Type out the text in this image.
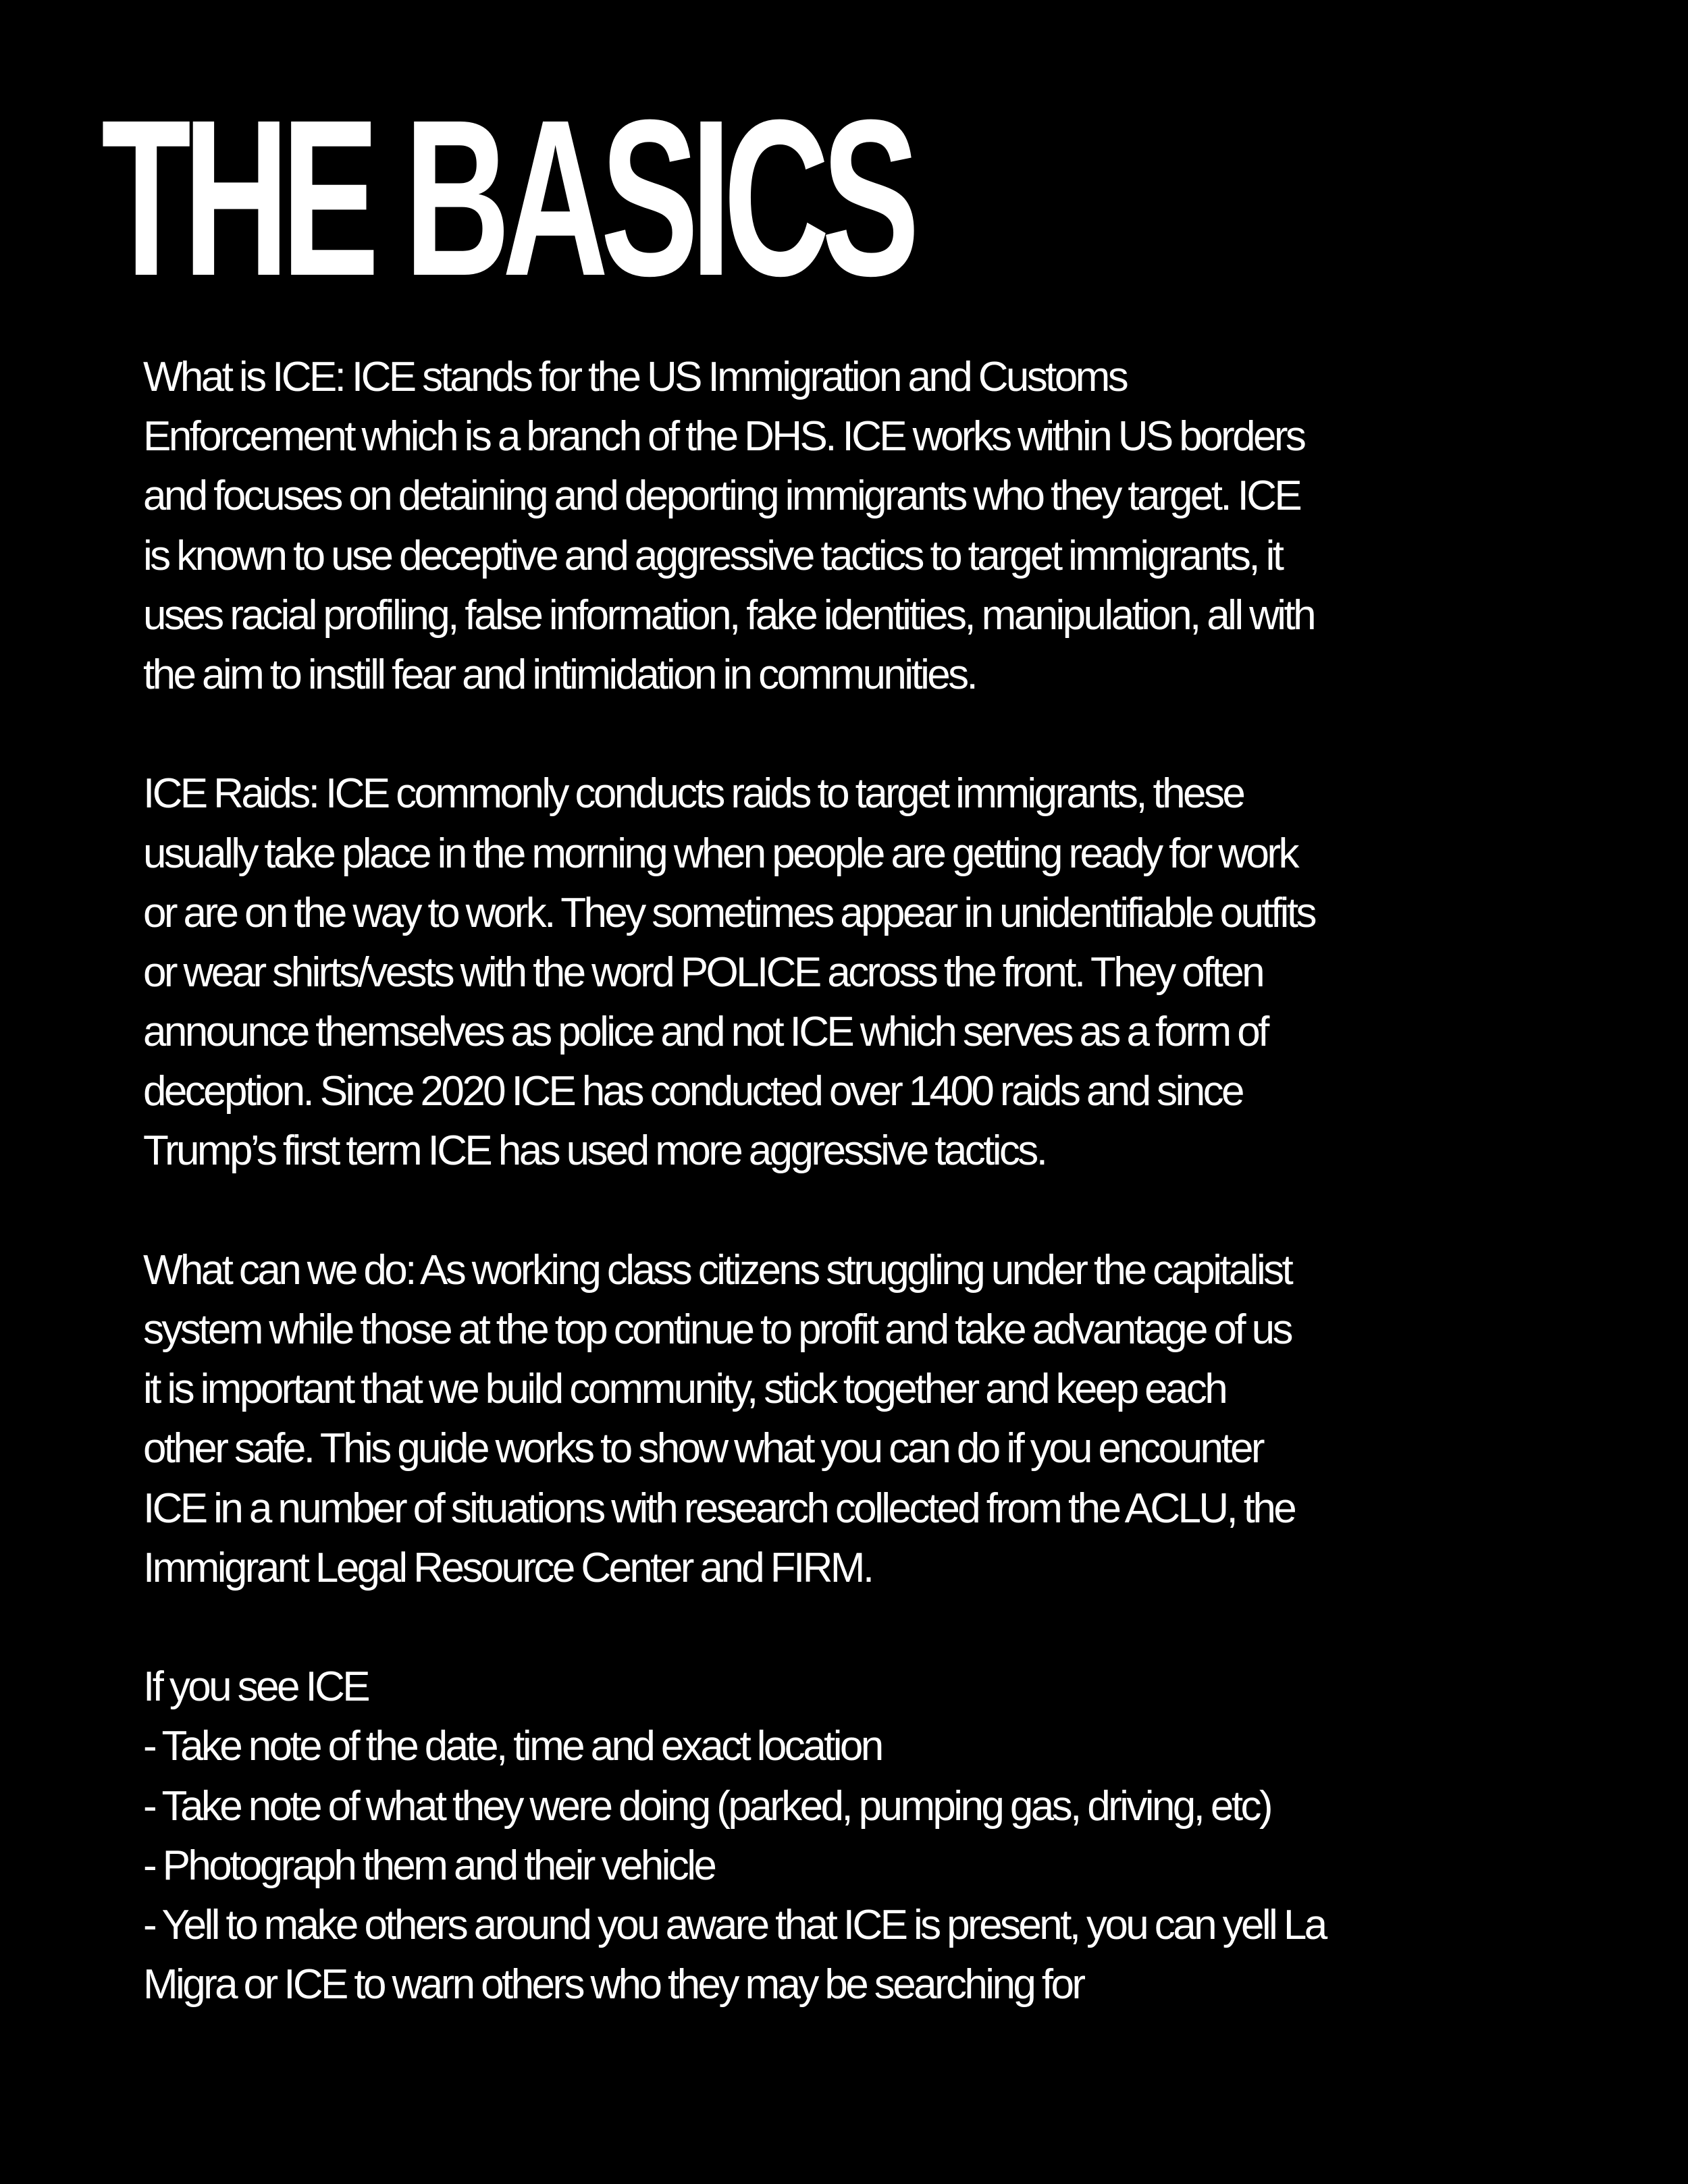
THE BASICS
What is ICE: ICE stands for the US Immigration and Customs
Enforcement which is a branch of the DHS. ICE works within US borders
and focuses on detaining and deporting immigrants who they target. ICE
is known to use deceptive and aggressive tactics to target immigrants, it
uses racial profiling, false information, fake identities, manipulation, all with
the aim to instill fear and intimidation in communities.
ICE Raids: ICE commonly conducts raids to target immigrants, these
usually take place in the morning when people are getting ready for work
or are on the way to work. They sometimes appear in unidentifiable outfits
or wear shirts/vests with the word POLICE across the front. They often
announce themselves as police and not ICE which serves as a form of
deception. Since 2020 ICE has conducted over 1400 raids and since
Trump’s first term ICE has used more aggressive tactics.
What can we do: As working class citizens struggling under the capitalist
system while those at the top continue to profit and take advantage of us
it is important that we build community, stick together and keep each
other safe. This guide works to show what you can do if you encounter
ICE in a number of situations with research collected from the ACLU, the
Immigrant Legal Resource Center and FIRM.
If you see ICE
- Take note of the date, time and exact location
- Take note of what they were doing (parked, pumping gas, driving, etc)
- Photograph them and their vehicle
- Yell to make others around you aware that ICE is present, you can yell La
Migra or ICE to warn others who they may be searching for
